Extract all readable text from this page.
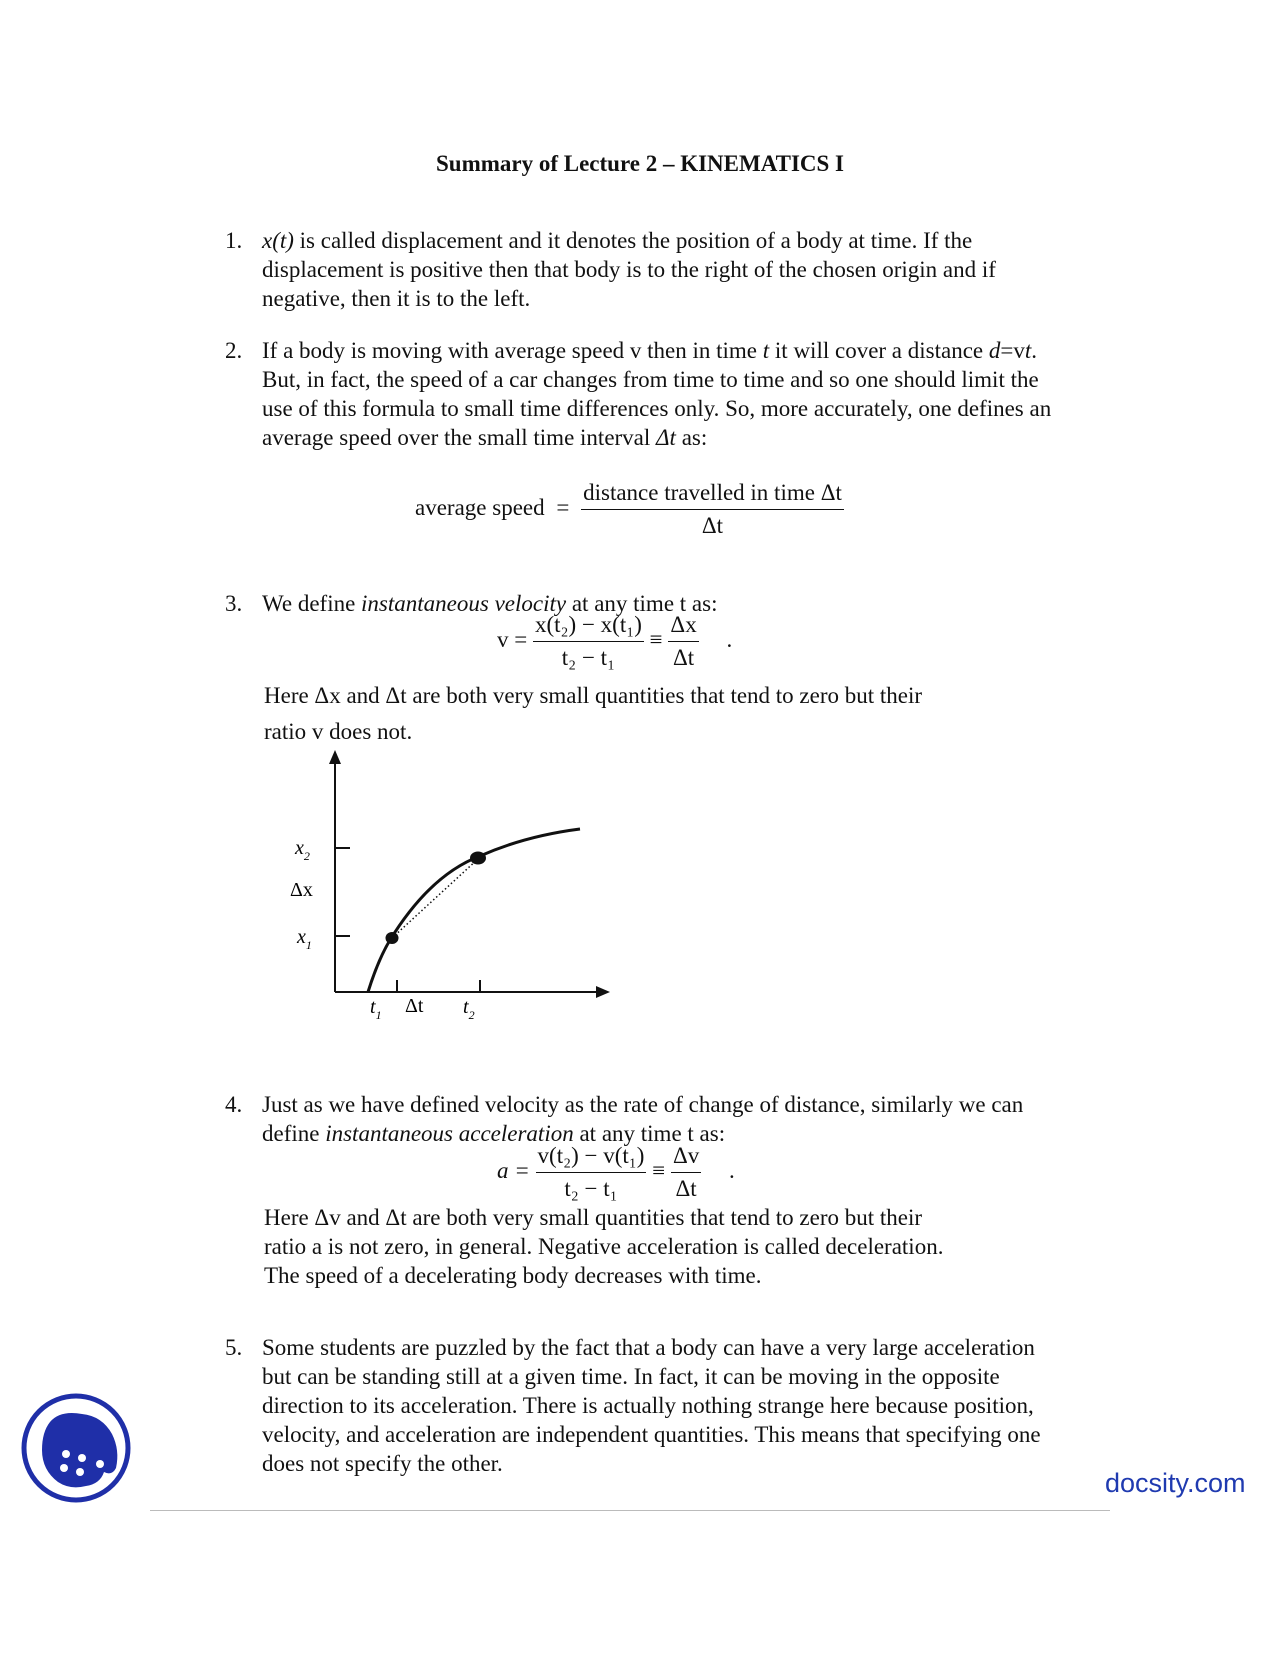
Summary of Lecture 2 – KINEMATICS I
1. x(t) is called displacement and it denotes the position of a body at time. If the

displacement is positive then that body is to the right of the chosen origin and if

negative, then it is to the left.

2. If a body is moving with average speed v then in time t it will cover a distance d=vt.

But, in fact, the speed of a car changes from time to time and so one should limit the

use of this formula to small time differences only. So, more accurately, one defines an

average speed over the small time interval Δt as:

average speed = $\frac{\text{distance travelled in time Δt}}{\Delta t}$
3. We define instantaneous velocity at any time t as:

$v = \frac{\text{x(t₂) − x(t₁)}}{\text{t₂ − t₁}} \equiv \frac{\Delta x}{\Delta t}$ .
Here Δx and Δt are both very small quantities that tend to zero but their
ratio v does not.
$x_2$
Δx
$x_1$
$t_1$ Δt $t_2$
4. Just as we have defined velocity as the rate of change of distance, similarly we can

define instantaneous acceleration at any time t as:

$a = \frac{\text{v(t₂) − v(t₁)}}{\text{t₂ − t₁}} \equiv \frac{\Delta v}{\Delta t}$ .
Here Δv and Δt are both very small quantities that tend to zero but their
ratio a is not zero, in general. Negative acceleration is called deceleration.
The speed of a decelerating body decreases with time.
5. Some students are puzzled by the fact that a body can have a very large acceleration

but can be standing still at a given time. In fact, it can be moving in the opposite

direction to its acceleration. There is actually nothing strange here because position,

velocity, and acceleration are independent quantities. This means that specifying one

does not specify the other.

docsity.com
